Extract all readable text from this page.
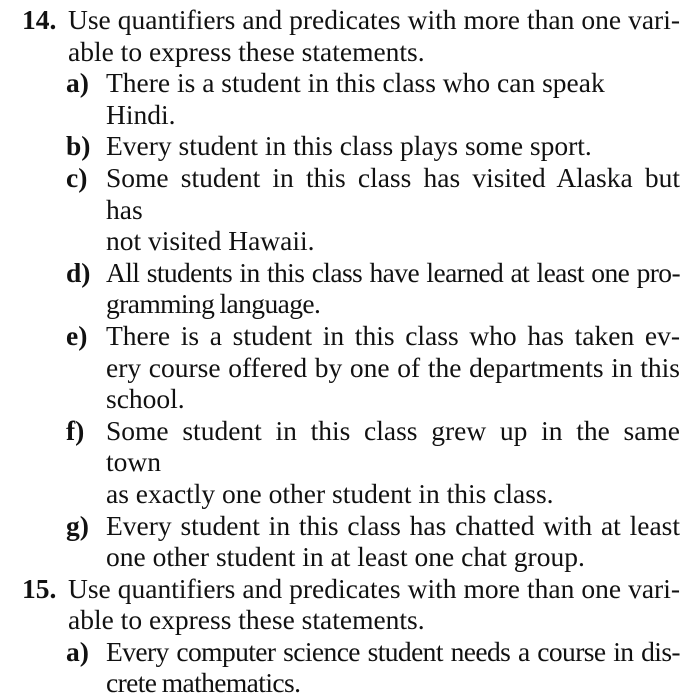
14. Use quantifiers and predicates with more than one vari-
able to express these statements.
a) There is a student in this class who can speak Hindi.
b) Every student in this class plays some sport.
c) Some student in this class has visited Alaska but has
not visited Hawaii.
d) All students in this class have learned at least one pro-
gramming language.
e) There is a student in this class who has taken ev-
ery course offered by one of the departments in this
school.
f) Some student in this class grew up in the same town
as exactly one other student in this class.
g) Every student in this class has chatted with at least
one other student in at least one chat group.
15. Use quantifiers and predicates with more than one vari-
able to express these statements.
a) Every computer science student needs a course in dis-
crete mathematics.
